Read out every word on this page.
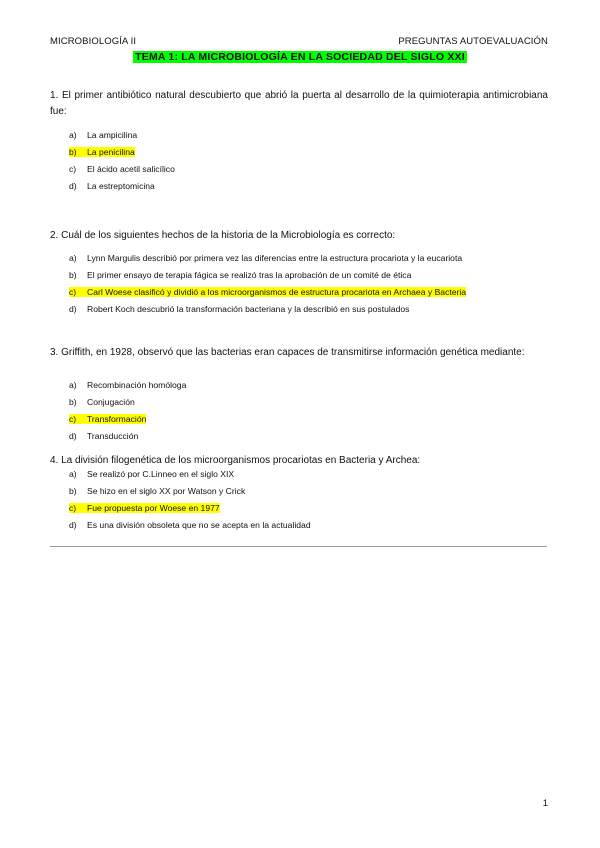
MICROBIOLOGÍA II	PREGUNTAS AUTOEVALUACIÓN
TEMA 1: LA MICROBIOLOGÍA EN LA SOCIEDAD DEL SIGLO XXI
1. El primer antibiótico natural descubierto que abrió la puerta al desarrollo de la quimioterapia antimicrobiana fue:
a) La ampicilina
b) La penicilina
c) El ácido acetil salicílico
d) La estreptomicina
2. Cuál de los siguientes hechos de la historia de la Microbiología es correcto:
a) Lynn Margulis describió por primera vez las diferencias entre la estructura procariota y la eucariota
b) El primer ensayo de terapia fágica se realizó tras la aprobación de un comité de ética
c) Carl Woese clasificó y dividió a los microorganismos de estructura procariota en Archaea y Bacteria
d) Robert Koch descubrió la transformación bacteriana y la describió en sus postulados
3. Griffith, en 1928, observó que las bacterias eran capaces de transmitirse información genética mediante:
a) Recombinación homóloga
b) Conjugación
c) Transformación
d) Transducción
4. La división filogenética de los microorganismos procariotas en Bacteria y Archea:
a) Se realizó por C.Linneo en el siglo XIX
b) Se hizo en el siglo XX por Watson y Crick
c) Fue propuesta por Woese en 1977
d) Es una división obsoleta que no se acepta en la actualidad
1
